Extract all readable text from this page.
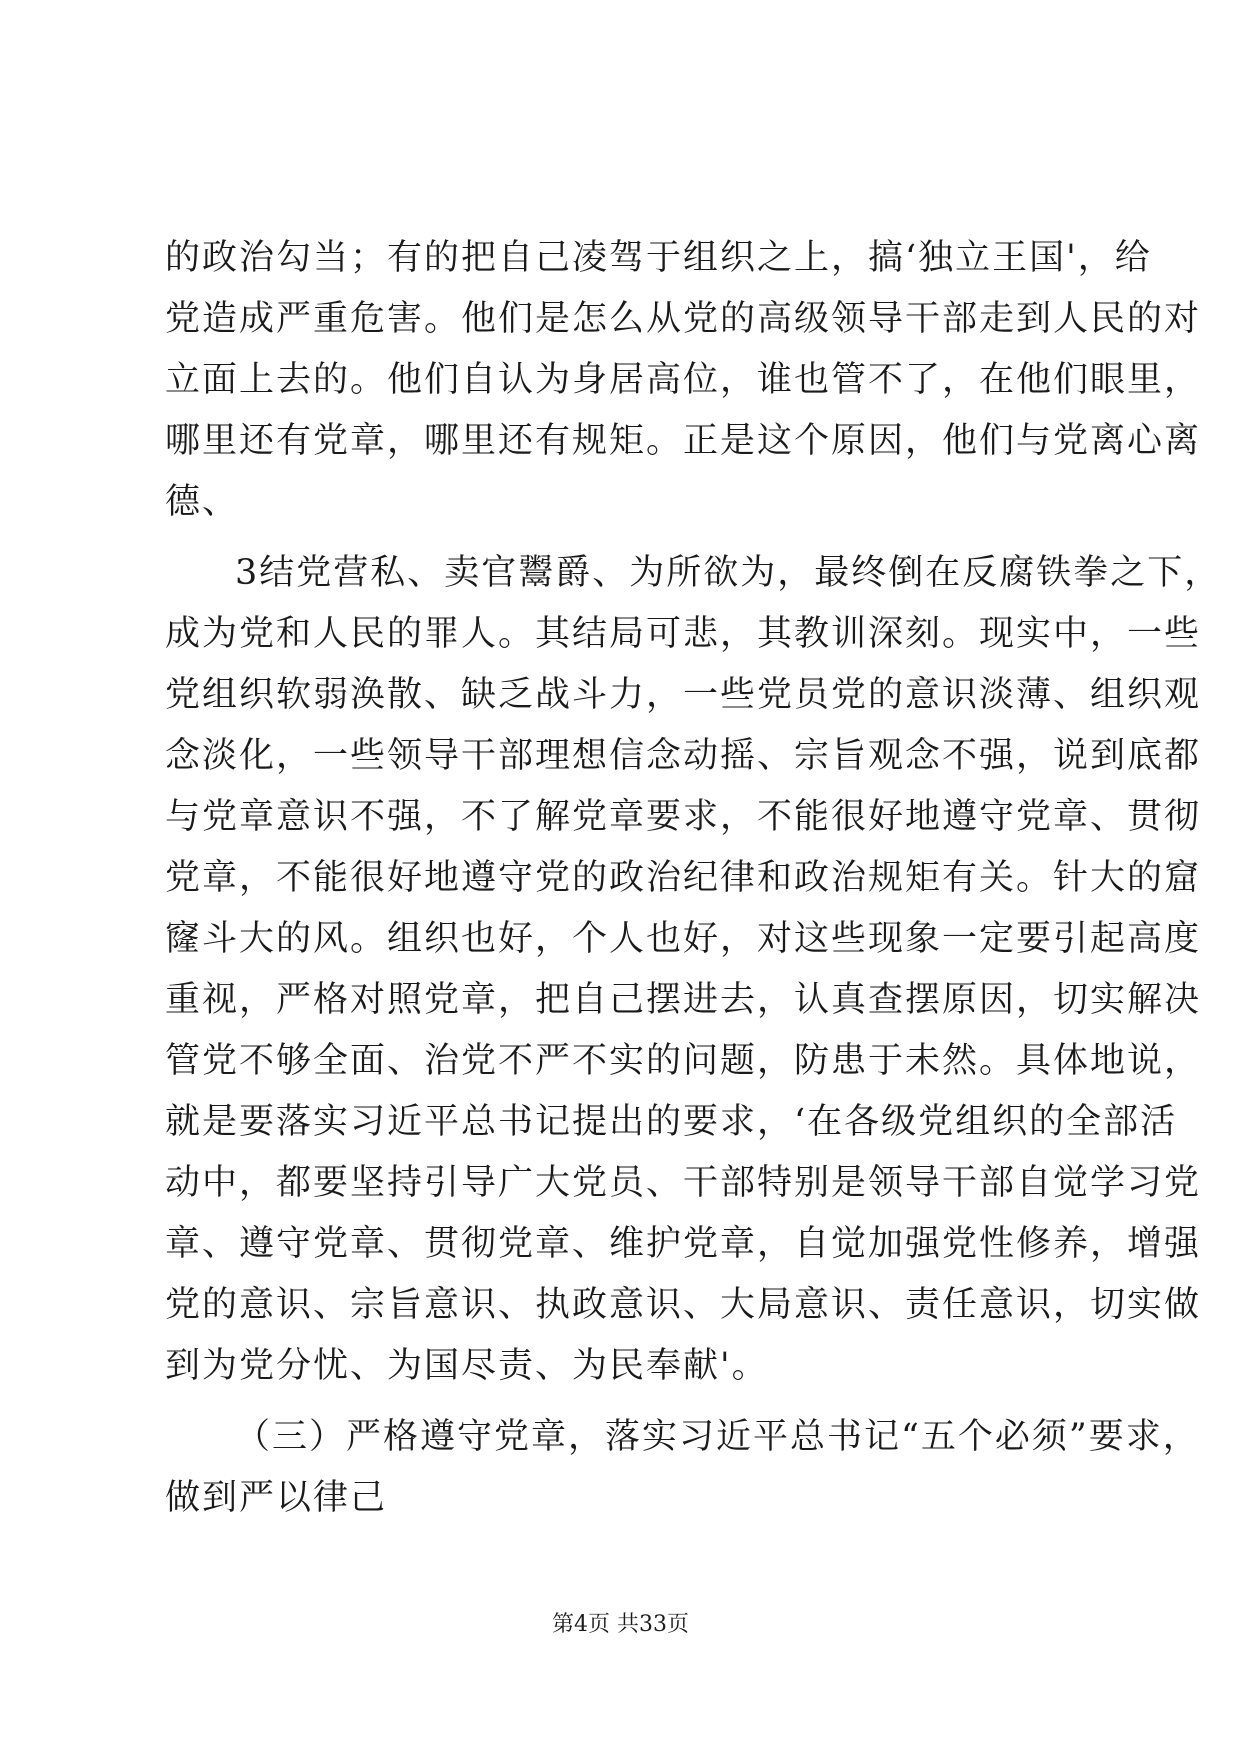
的政治勾当；有的把自己凌驾于组织之上，搞‘独立王国'，给
党造成严重危害。他们是怎么从党的高级领导干部走到人民的对
立面上去的。他们自认为身居高位，谁也管不了，在他们眼里，
哪里还有党章，哪里还有规矩。正是这个原因，他们与党离心离
德、
3结党营私、卖官鬻爵、为所欲为，最终倒在反腐铁拳之下，
成为党和人民的罪人。其结局可悲，其教训深刻。现实中，一些
党组织软弱涣散、缺乏战斗力，一些党员党的意识淡薄、组织观
念淡化，一些领导干部理想信念动摇、宗旨观念不强，说到底都
与党章意识不强，不了解党章要求，不能很好地遵守党章、贯彻
党章，不能很好地遵守党的政治纪律和政治规矩有关。针大的窟
窿斗大的风。组织也好，个人也好，对这些现象一定要引起高度
重视，严格对照党章，把自己摆进去，认真查摆原因，切实解决
管党不够全面、治党不严不实的问题，防患于未然。具体地说，
就是要落实习近平总书记提出的要求，‘在各级党组织的全部活
动中，都要坚持引导广大党员、干部特别是领导干部自觉学习党
章、遵守党章、贯彻党章、维护党章，自觉加强党性修养，增强
党的意识、宗旨意识、执政意识、大局意识、责任意识，切实做
到为党分忧、为国尽责、为民奉献'。
（三）严格遵守党章，落实习近平总书记“五个必须”要求，
做到严以律己
第4页 共33页
